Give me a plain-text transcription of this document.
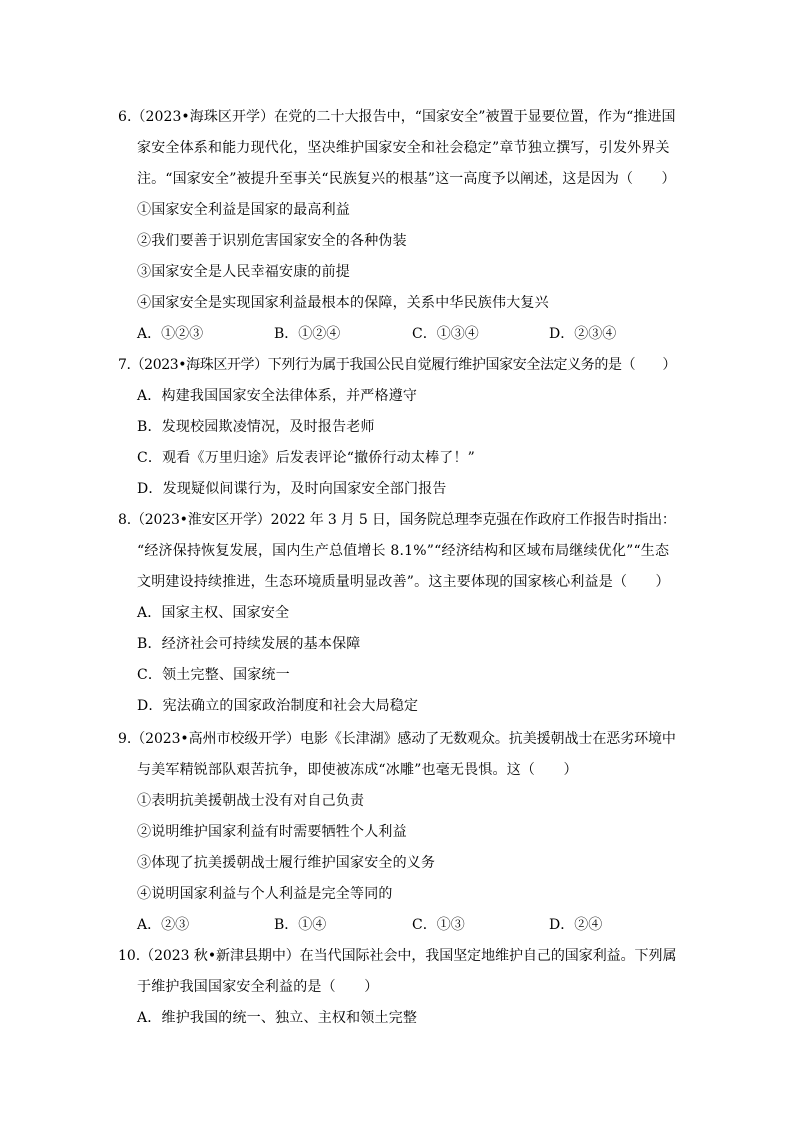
6.（2023•海珠区开学）在党的二十大报告中，“国家安全”被置于显要位置，作为“推进国
家安全体系和能力现代化，坚决维护国家安全和社会稳定”章节独立撰写，引发外界关
注。“国家安全”被提升至事关“民族复兴的根基”这一高度予以阐述，这是因为（　　）
①国家安全利益是国家的最高利益
②我们要善于识别危害国家安全的各种伪装
③国家安全是人民幸福安康的前提
④国家安全是实现国家利益最根本的保障，关系中华民族伟大复兴
A．①②③	B．①②④	C．①③④	D．②③④
7.（2023•海珠区开学）下列行为属于我国公民自觉履行维护国家安全法定义务的是（　　）
A．构建我国国家安全法律体系，并严格遵守
B．发现校园欺凌情况，及时报告老师
C．观看《万里归途》后发表评论“撤侨行动太棒了！”
D．发现疑似间谍行为，及时向国家安全部门报告
8.（2023•淮安区开学）2022 年 3 月 5 日，国务院总理李克强在作政府工作报告时指出：
“经济保持恢复发展，国内生产总值增长 8.1%”“经济结构和区域布局继续优化”“生态
文明建设持续推进，生态环境质量明显改善”。这主要体现的国家核心利益是（　　）
A．国家主权、国家安全
B．经济社会可持续发展的基本保障
C．领土完整、国家统一
D．宪法确立的国家政治制度和社会大局稳定
9.（2023•高州市校级开学）电影《长津湖》感动了无数观众。抗美援朝战士在恶劣环境中
与美军精锐部队艰苦抗争，即使被冻成“冰雕”也毫无畏惧。这（　　）
①表明抗美援朝战士没有对自己负责
②说明维护国家利益有时需要牺牲个人利益
③体现了抗美援朝战士履行维护国家安全的义务
④说明国家利益与个人利益是完全等同的
A．②③	B．①④	C．①③	D．②④
10.（2023 秋•新津县期中）在当代国际社会中，我国坚定地维护自己的国家利益。下列属
于维护我国国家安全利益的是（　　）
A．维护我国的统一、独立、主权和领土完整
